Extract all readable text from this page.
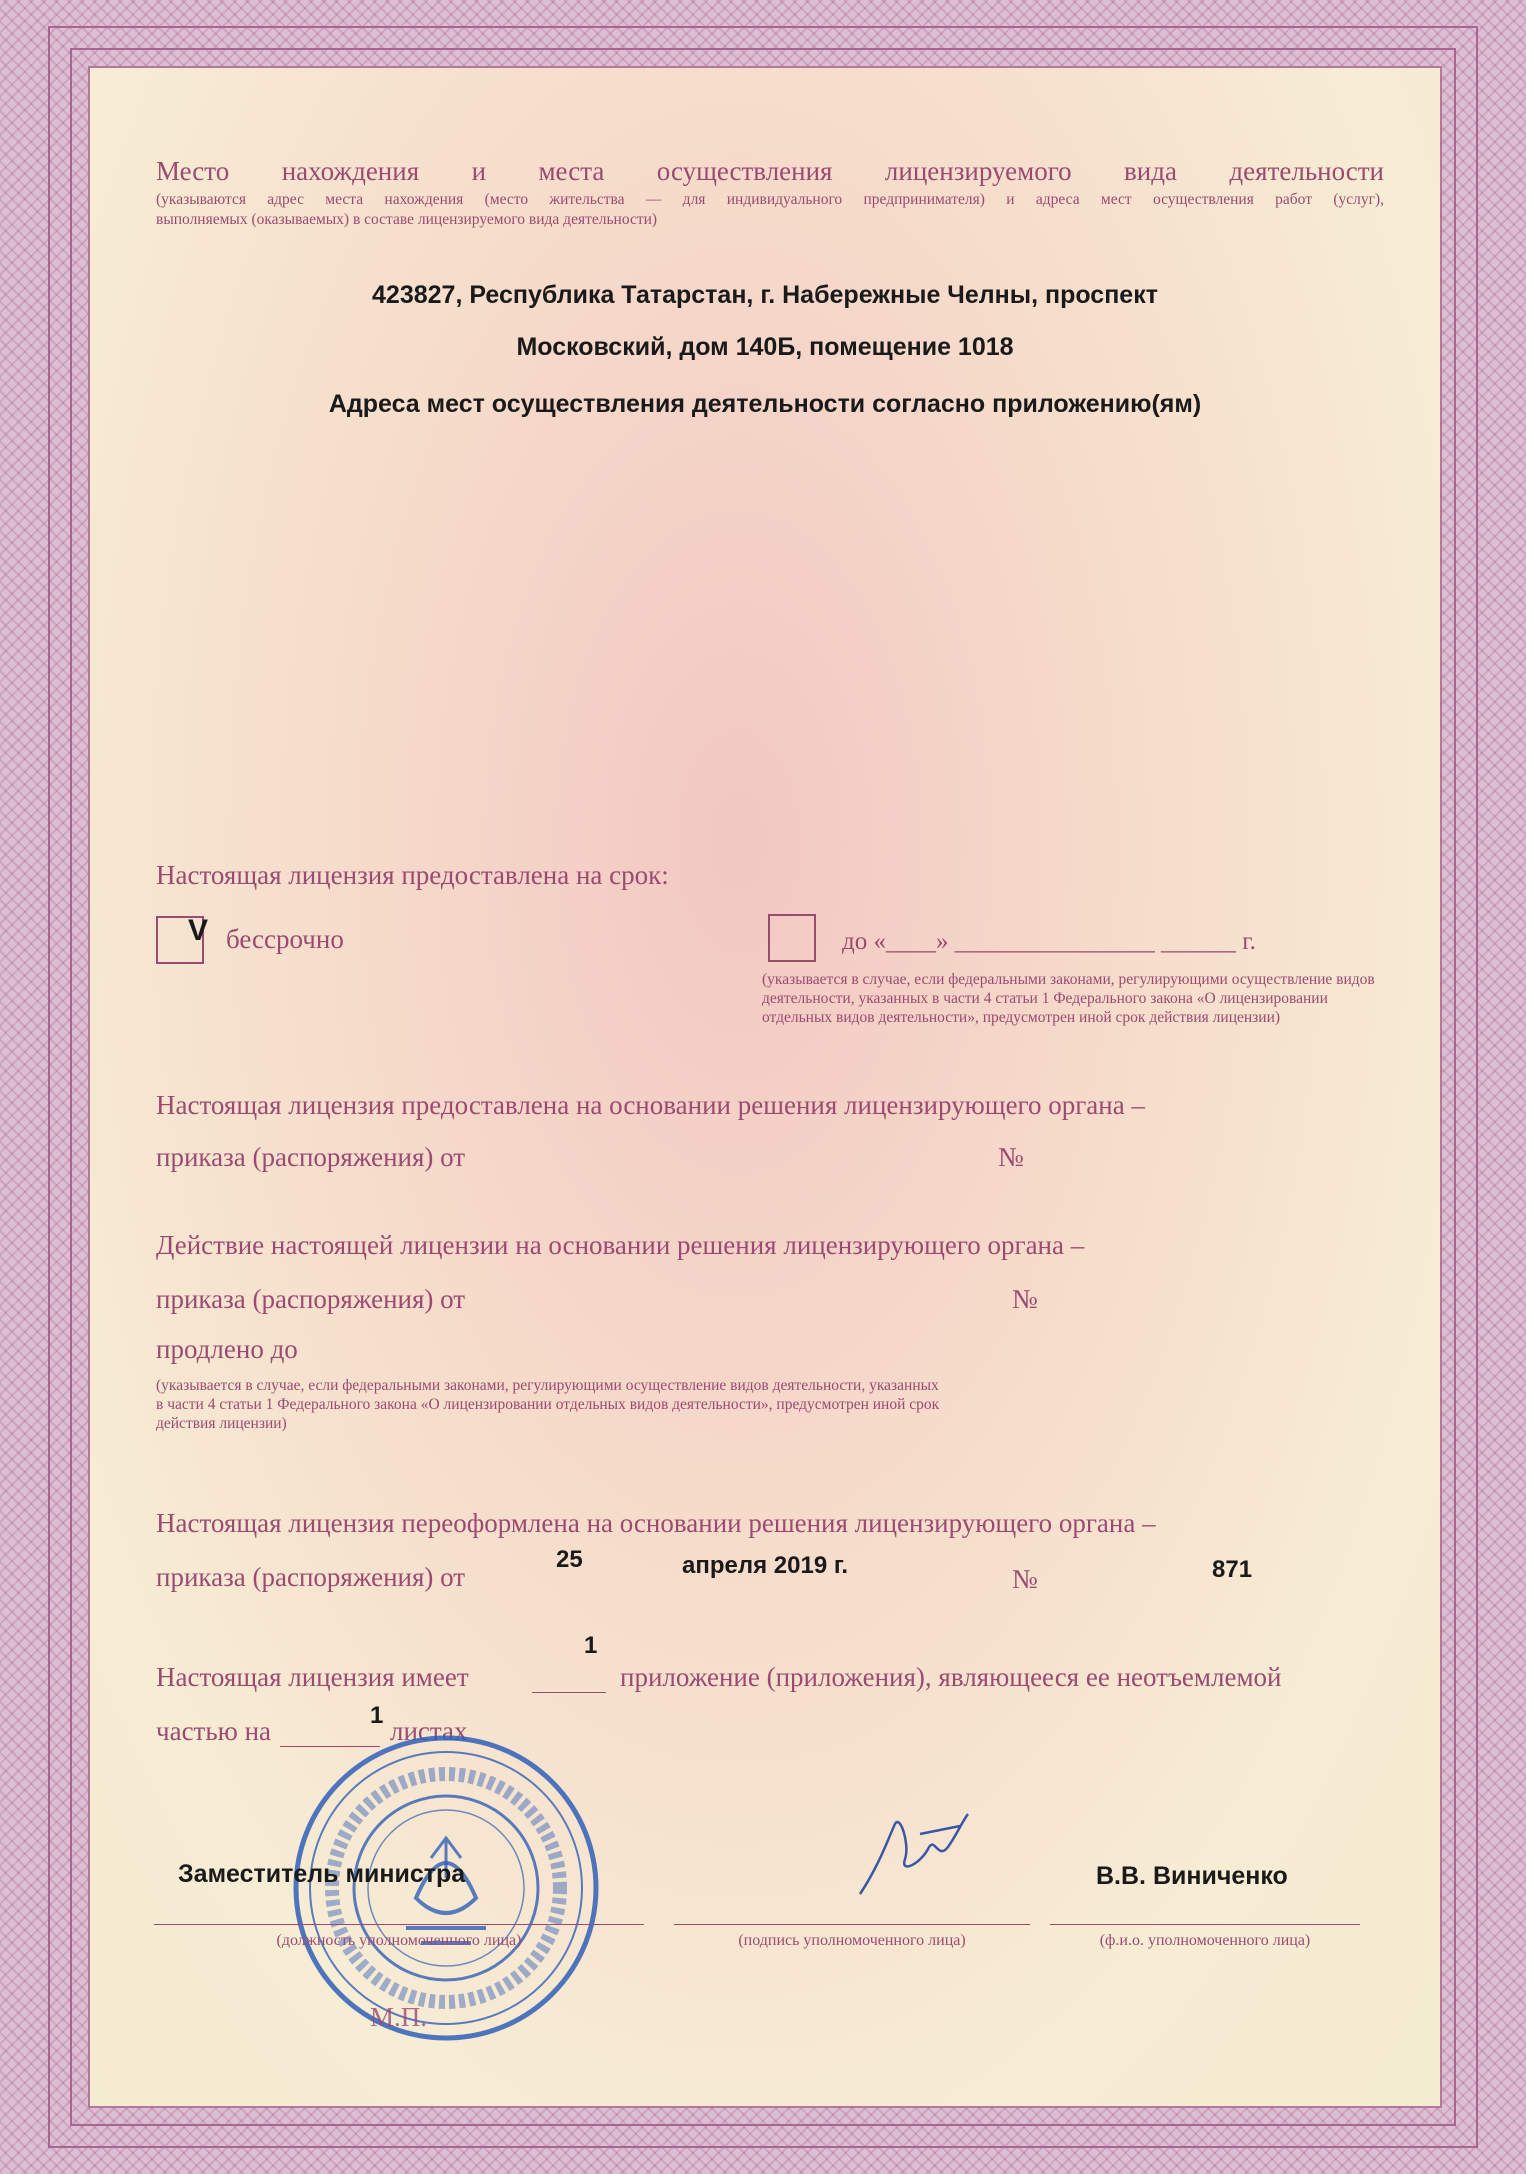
Место нахождения и места осуществления лицензируемого вида деятельности
(указываются адрес места нахождения (место жительства — для индивидуального предпринимателя) и адреса мест осуществления работ (услуг),
выполняемых (оказываемых) в составе лицензируемого вида деятельности)
423827, Республика Татарстан, г. Набережные Челны, проспект
Московский, дом 140Б, помещение 1018
Адреса мест осуществления деятельности согласно приложению(ям)
Настоящая лицензия предоставлена на срок:
V бессрочно	до «____» ________________ ______ г.
(указывается в случае, если федеральными законами, регулирующими осуществление видов деятельности, указанных в части 4 статьи 1 Федерального закона «О лицензировании отдельных видов деятельности», предусмотрен иной срок действия лицензии)
Настоящая лицензия предоставлена на основании решения лицензирующего органа –
приказа (распоряжения) от	№
Действие настоящей лицензии на основании решения лицензирующего органа –
приказа (распоряжения) от	№
продлено до
(указывается в случае, если федеральными законами, регулирующими осуществление видов деятельности, указанных в части 4 статьи 1 Федерального закона «О лицензировании отдельных видов деятельности», предусмотрен иной срок действия лицензии)
Настоящая лицензия переоформлена на основании решения лицензирующего органа –
приказа (распоряжения) от
25	апреля 2019 г.	№	871
Настоящая лицензия имеет
1
приложение (приложения), являющееся ее неотъемлемой
частью на
1
листах
М.П.
Заместитель министра
(должность уполномоченного лица)	(подпись уполномоченного лица)
В.В. Виниченко
(ф.и.о. уполномоченного лица)
